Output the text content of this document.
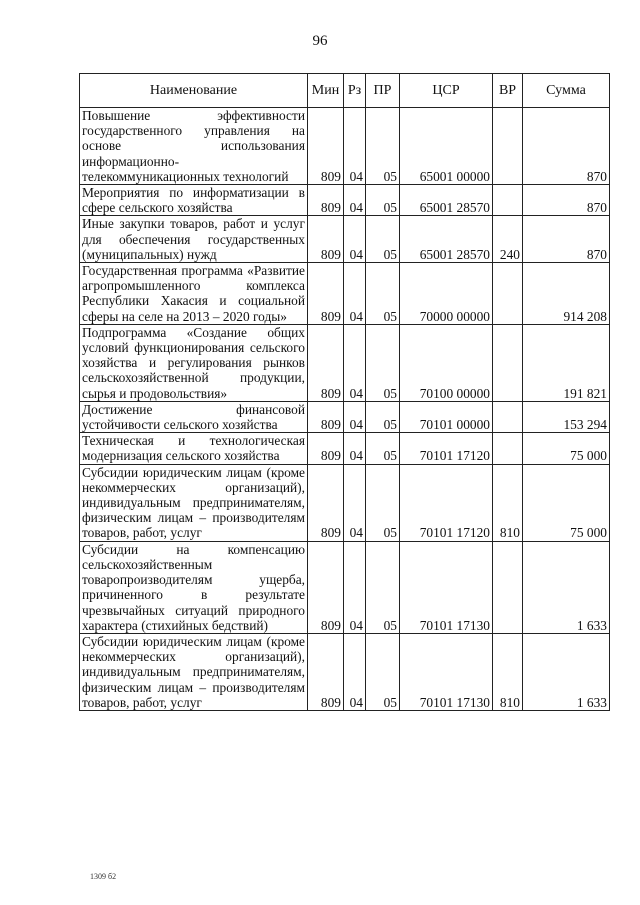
96
Наименование	Мин	Рз	ПР	ЦСР	ВР	Сумма
Повышение эффективности государственного управления на основе использования информационно-телекоммуникационных технологий	809	04	05	65001 00000		870
Мероприятия по информатизации в сфере сельского хозяйства	809	04	05	65001 28570		870
Иные закупки товаров, работ и услуг для обеспечения государственных (муниципальных) нужд	809	04	05	65001 28570	240	870
Государственная программа «Развитие агропромышленного комплекса Республики Хакасия и социальной сферы на селе на 2013 – 2020 годы»	809	04	05	70000 00000		914 208
Подпрограмма «Создание общих условий функционирования сельского хозяйства и регулирования рынков сельскохозяйственной продукции, сырья и продовольствия»	809	04	05	70100 00000		191 821
Достижение финансовой устойчивости сельского хозяйства	809	04	05	70101 00000		153 294
Техническая и технологическая модернизация сельского хозяйства	809	04	05	70101 17120		75 000
Субсидии юридическим лицам (кроме некоммерческих организаций), индивидуальным предпринимателям, физическим лицам – производителям товаров, работ, услуг	809	04	05	70101 17120	810	75 000
Субсидии на компенсацию сельскохозяйственным товаропроизводителям ущерба, причиненного в результате чрезвычайных ситуаций природного характера (стихийных бедствий)	809	04	05	70101 17130		1 633
Субсидии юридическим лицам (кроме некоммерческих организаций), индивидуальным предпринимателям, физическим лицам – производителям товаров, работ, услуг	809	04	05	70101 17130	810	1 633
1309 б2
